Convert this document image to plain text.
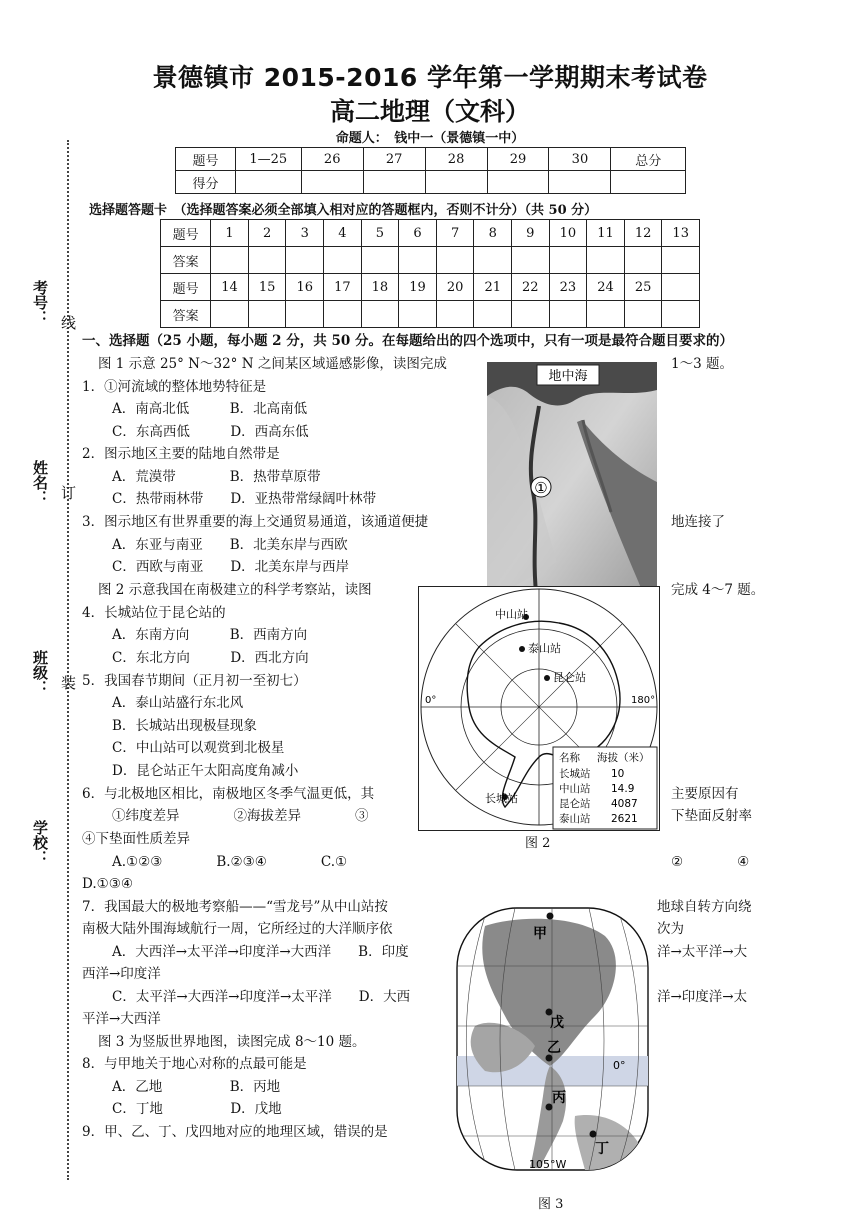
景德镇市 2015-2016 学年第一学期期末考试卷
高二地理（文科）
命题人：　钱中一（景德镇一中）
考号：
姓名：
班级：
学校：
线
订
装
题号	1—25	26	27	28	29	30	总分
得分							
选择题答题卡　（选择题答案必须全部填入相对应的答题框内，否则不计分）（共 50 分）
题号	1	2	3	4	5	6	7	8	9	10	11	12	13
答案													
题号	14	15	16	17	18	19	20	21	22	23	24	25	
答案													
一、选择题（25 小题，每小题 2 分，共 50 分。在每题给出的四个选项中，只有一项是最符合题目要求的）
图 1 示意 25° N～32° N 之间某区域遥感影像，读图完成	1～3 题。
1．①河流域的整体地势特征是
A．南高北低　　　B．北高南低
C．东高西低　　　D．西高东低
2．图示地区主要的陆地自然带是
A．荒漠带　　　　B．热带草原带
C．热带雨林带　　D．亚热带常绿阔叶林带
3．图示地区有世界重要的海上交通贸易通道，该通道便捷	地连接了
A．东亚与南亚　　B．北美东岸与西欧
C．西欧与南亚　　D．北美东岸与西岸
图 2 示意我国在南极建立的科学考察站，读图	完成 4～7 题。
4．长城站位于昆仑站的
A．东南方向　　　B．西南方向
C．东北方向　　　D．西北方向
5．我国春节期间（正月初一至初七）
A．泰山站盛行东北风
B．长城站出现极昼现象
C．中山站可以观赏到北极星
D．昆仑站正午太阳高度角减小
6．与北极地区相比，南极地区冬季气温更低，其	主要原因有
①纬度差异　　　　②海拔差异　　　　③	下垫面反射率
④下垫面性质差异
A.①②③　　　　B.②③④　　　　C.①	②　　　　④
D.①③④
7．我国最大的极地考察船——“雪龙号”从中山站按	地球自转方向绕
南极大陆外围海域航行一周，它所经过的大洋顺序依	次为
A．大西洋→太平洋→印度洋→大西洋　　B．印度	洋→太平洋→大
西洋→印度洋
C．太平洋→大西洋→印度洋→太平洋　　D．大西	洋→印度洋→太
平洋→大西洋
图 3 为竖版世界地图，读图完成 8～10 题。
8．与甲地关于地心对称的点最可能是
A．乙地　　　　　B．丙地
C．丁地　　　　　D．戊地
9．甲、乙、丁、戊四地对应的地理区域，错误的是
地中海
①
中山站
泰山站
昆仑站
长城站
0°	180°
名称 海拔（米）
长城站 10
中山站 14.9
昆仑站 4087
泰山站 2621
图 2
甲
戊
乙
丙
丁
0°
105°W
图 3
